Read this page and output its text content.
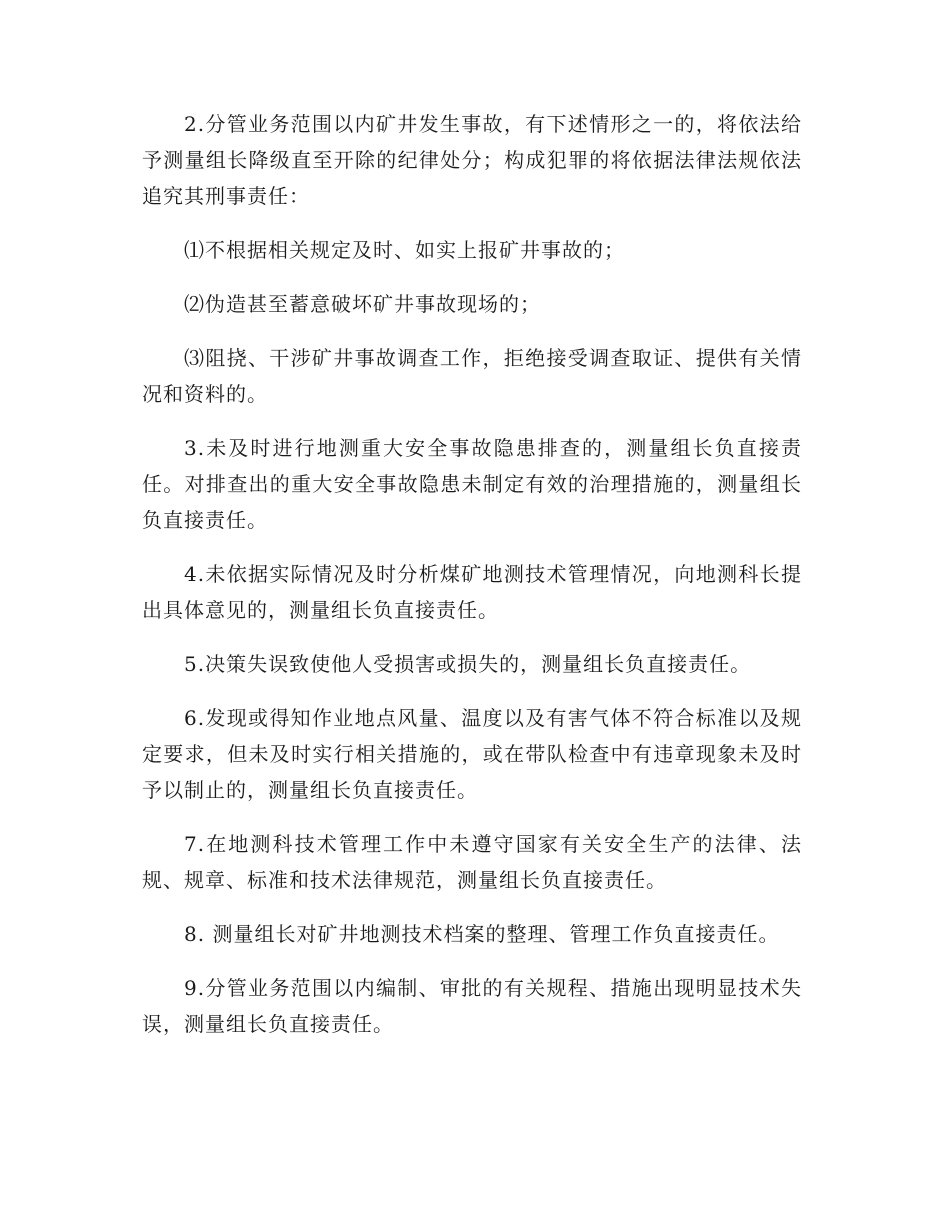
2.分管业务范围以内矿井发生事故，有下述情形之一的，将依法给予测量组长降级直至开除的纪律处分；构成犯罪的将依据法律法规依法追究其刑事责任：

⑴不根据相关规定及时、如实上报矿井事故的；

⑵伪造甚至蓄意破坏矿井事故现场的；

⑶阻挠、干涉矿井事故调查工作，拒绝接受调查取证、提供有关情况和资料的。

3.未及时进行地测重大安全事故隐患排查的，测量组长负直接责任。对排查出的重大安全事故隐患未制定有效的治理措施的，测量组长负直接责任。

4.未依据实际情况及时分析煤矿地测技术管理情况，向地测科长提出具体意见的，测量组长负直接责任。

5.决策失误致使他人受损害或损失的，测量组长负直接责任。

6.发现或得知作业地点风量、温度以及有害气体不符合标准以及规定要求，但未及时实行相关措施的，或在带队检查中有违章现象未及时予以制止的，测量组长负直接责任。

7.在地测科技术管理工作中未遵守国家有关安全生产的法律、法规、规章、标准和技术法律规范，测量组长负直接责任。

8. 测量组长对矿井地测技术档案的整理、管理工作负直接责任。

9.分管业务范围以内编制、审批的有关规程、措施出现明显技术失误，测量组长负直接责任。
